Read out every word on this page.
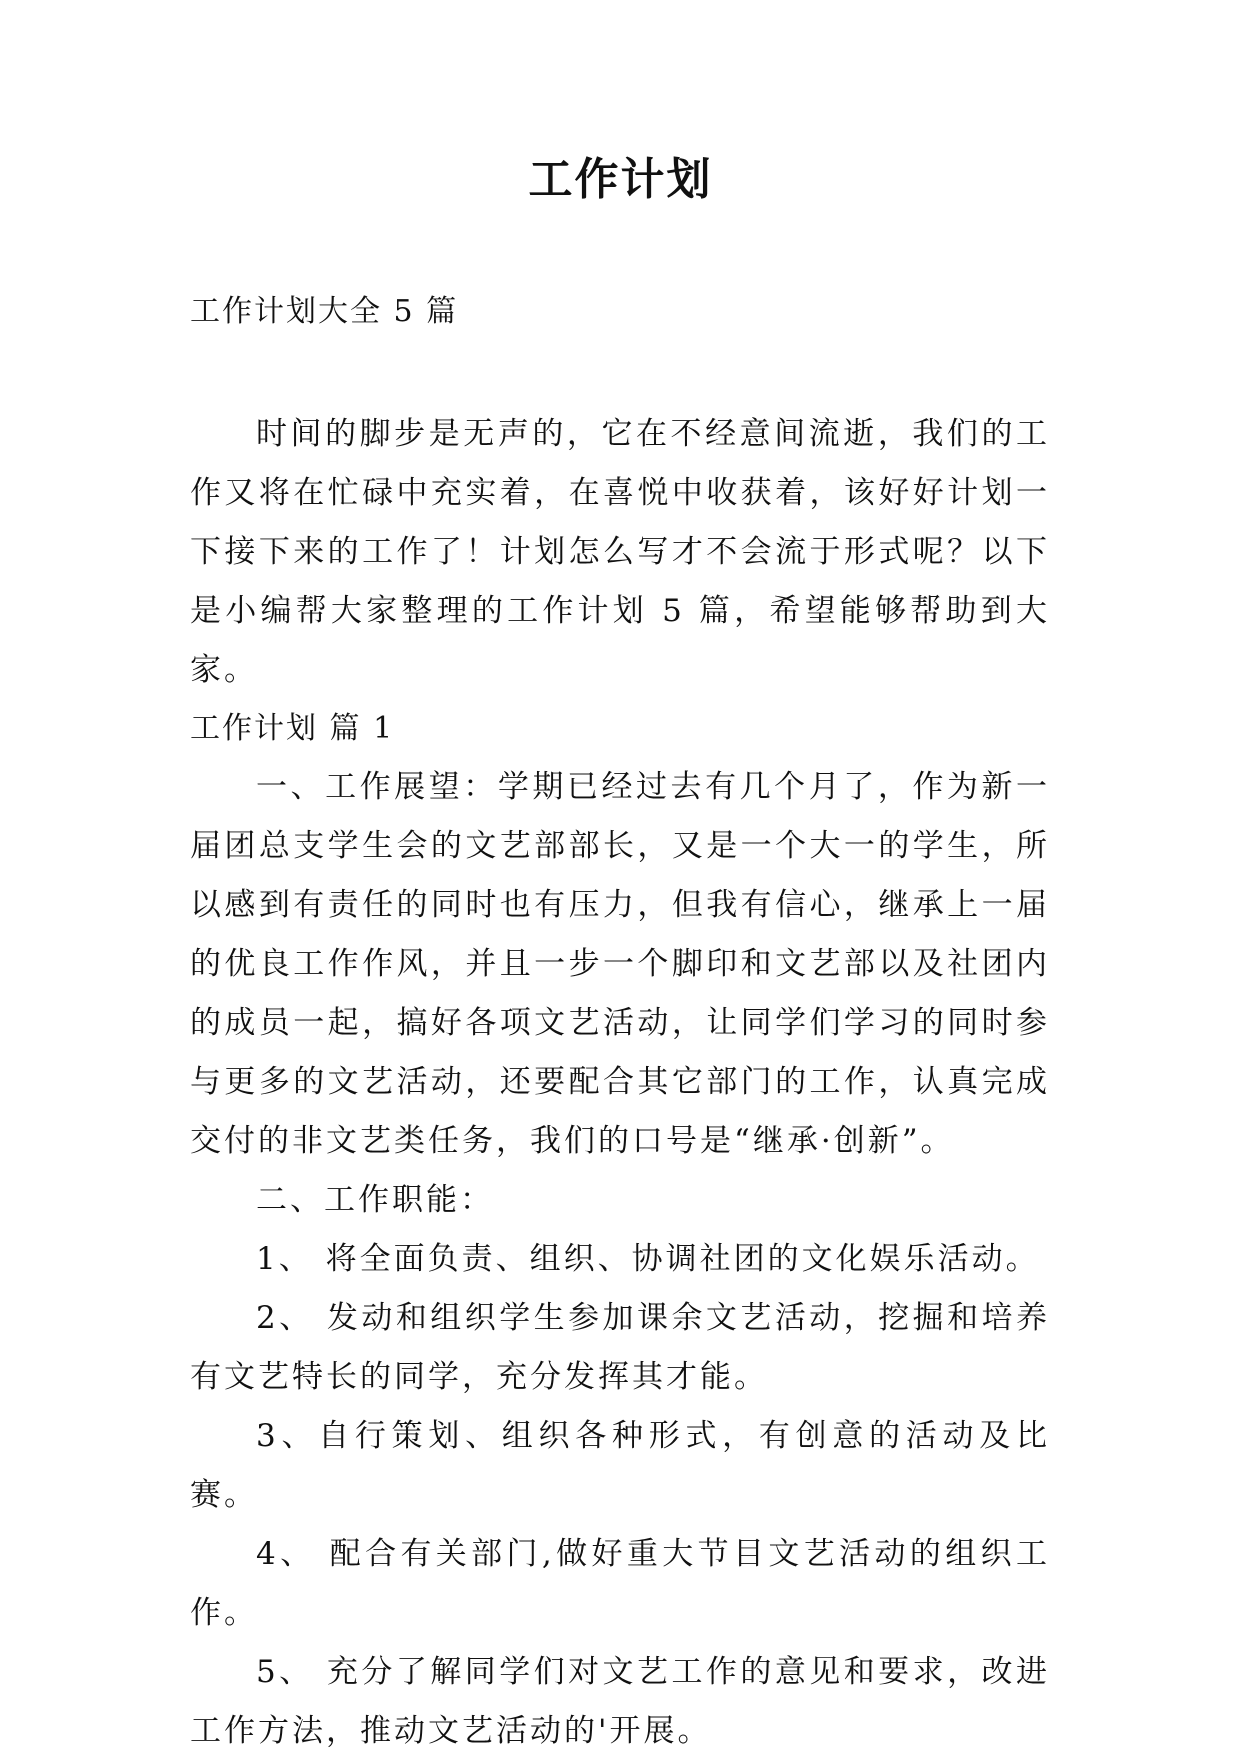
工作计划
工作计划大全 5 篇

时间的脚步是无声的，它在不经意间流逝，我们的工作又将在忙碌中充实着，在喜悦中收获着，该好好计划一下接下来的工作了！计划怎么写才不会流于形式呢？以下是小编帮大家整理的工作计划 5 篇，希望能够帮助到大家。

工作计划 篇 1

一、工作展望：学期已经过去有几个月了，作为新一届团总支学生会的文艺部部长，又是一个大一的学生，所以感到有责任的同时也有压力，但我有信心，继承上一届的优良工作作风，并且一步一个脚印和文艺部以及社团内的成员一起，搞好各项文艺活动，让同学们学习的同时参与更多的文艺活动，还要配合其它部门的工作，认真完成交付的非文艺类任务，我们的口号是“继承·创新”。

二、工作职能：

1、 将全面负责、组织、协调社团的文化娱乐活动。

2、 发动和组织学生参加课余文艺活动，挖掘和培养有文艺特长的同学，充分发挥其才能。

3、自行策划、组织各种形式，有创意的活动及比赛。

4、 配合有关部门,做好重大节目文艺活动的组织工作。

5、 充分了解同学们对文艺工作的意见和要求，改进工作方法，推动文艺活动的'开展。
